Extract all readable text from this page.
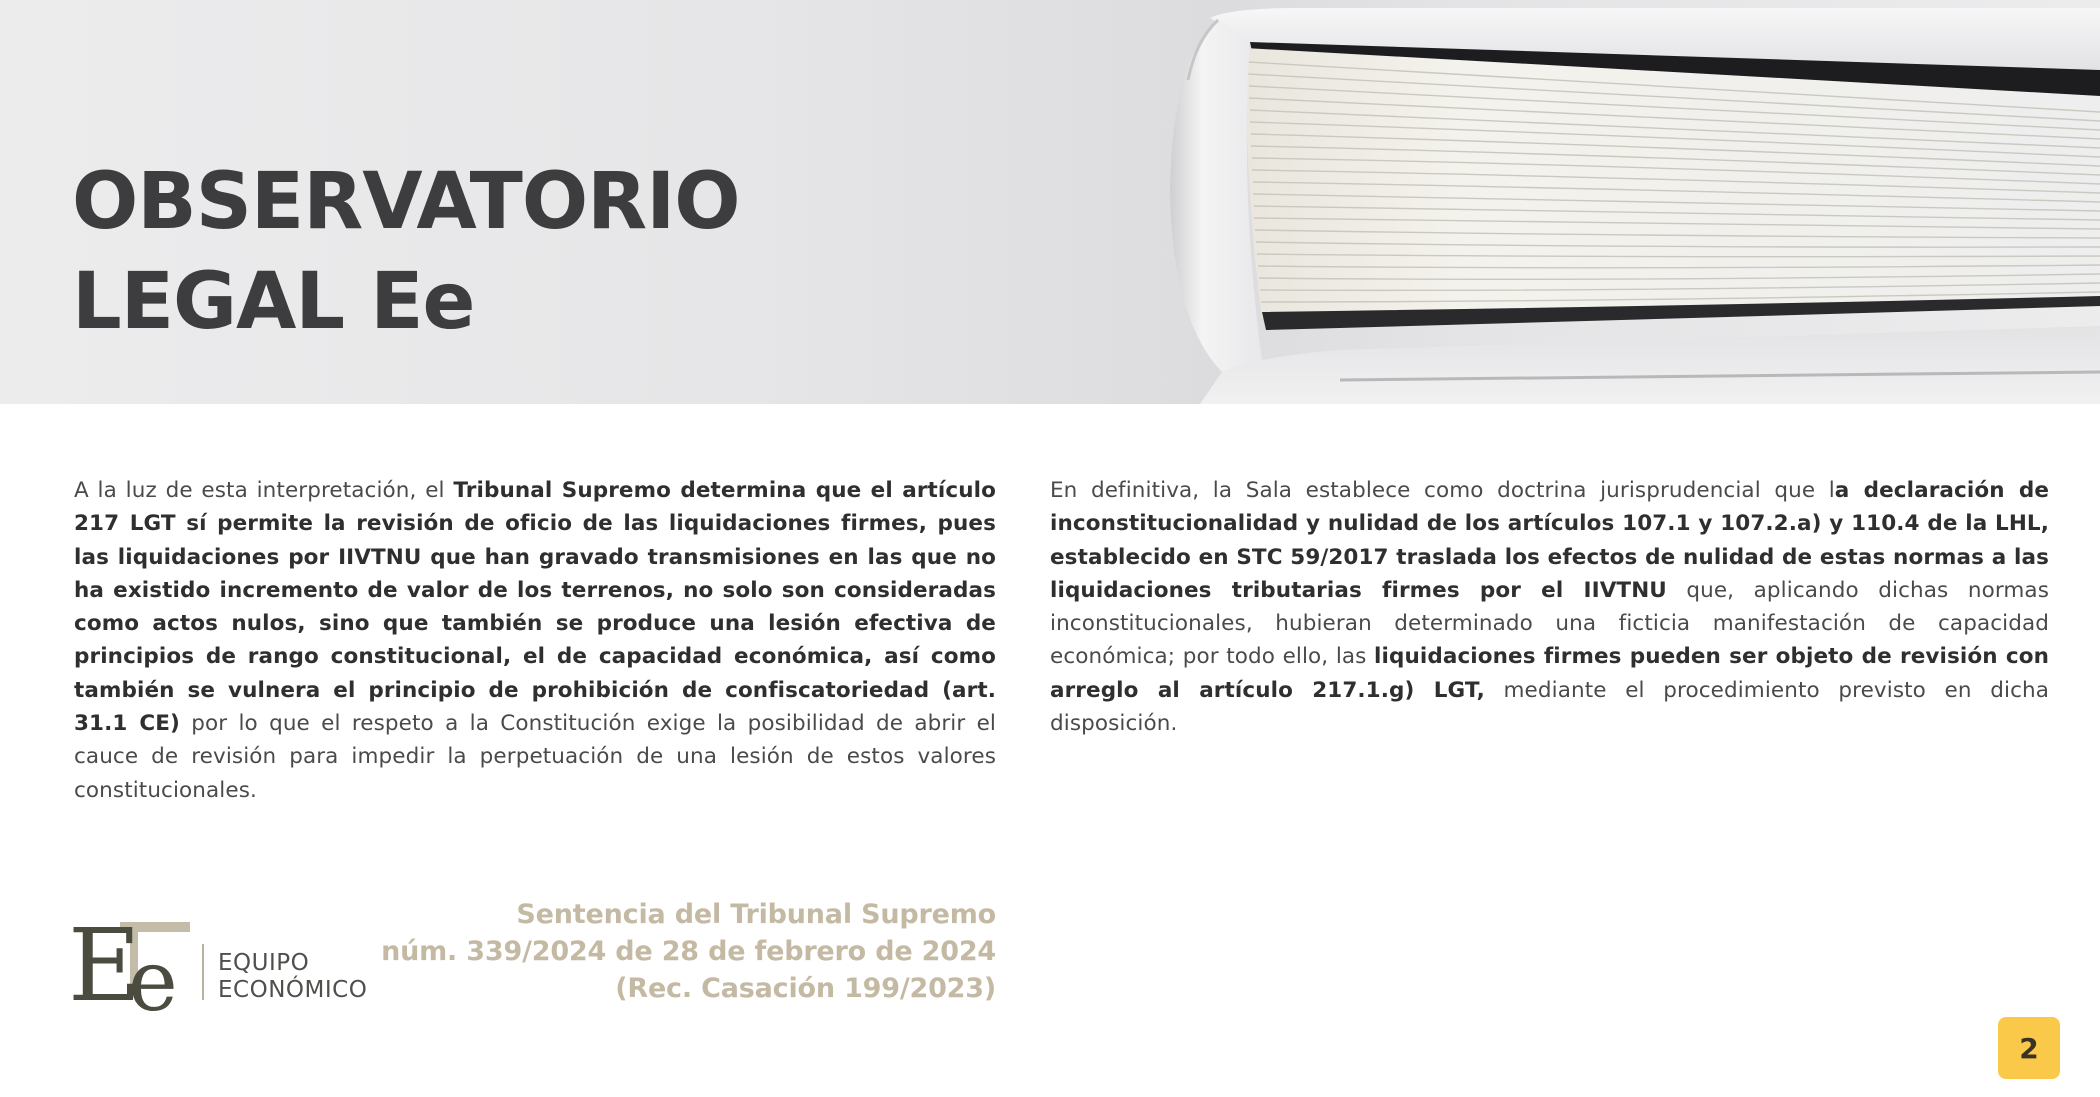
OBSERVATORIO
LEGAL Ee

A la luz de esta interpretación, el Tribunal Supremo determina que el artículo 217 LGT sí permite la revisión de oficio de las liquidaciones firmes, pues las liquidaciones por IIVTNU que han gravado transmisiones en las que no ha existido incremento de valor de los terrenos, no solo son consideradas como actos nulos, sino que también se produce una lesión efectiva de principios de rango constitucional, el de capacidad económica, así como también se vulnera el principio de prohibición de confiscatoriedad (art. 31.1 CE) por lo que el respeto a la Constitución exige la posibilidad de abrir el cauce de revisión para impedir la perpetuación de una lesión de estos valores constitucionales.

En definitiva, la Sala establece como doctrina jurisprudencial que la declaración de inconstitucionalidad y nulidad de los artículos 107.1 y 107.2.a) y 110.4 de la LHL, establecido en STC 59/2017 traslada los efectos de nulidad de estas normas a las liquidaciones tributarias firmes por el IIVTNU que, aplicando dichas normas inconstitucionales, hubieran determinado una ficticia manifestación de capacidad económica; por todo ello, las liquidaciones firmes pueden ser objeto de revisión con arreglo al artículo 217.1.g) LGT, mediante el procedimiento previsto en dicha disposición.

E
e EQUIPO
ECONÓMICO
Sentencia del Tribunal Supremo
núm. 339/2024 de 28 de febrero de 2024
(Rec. Casación 199/2023)
2
